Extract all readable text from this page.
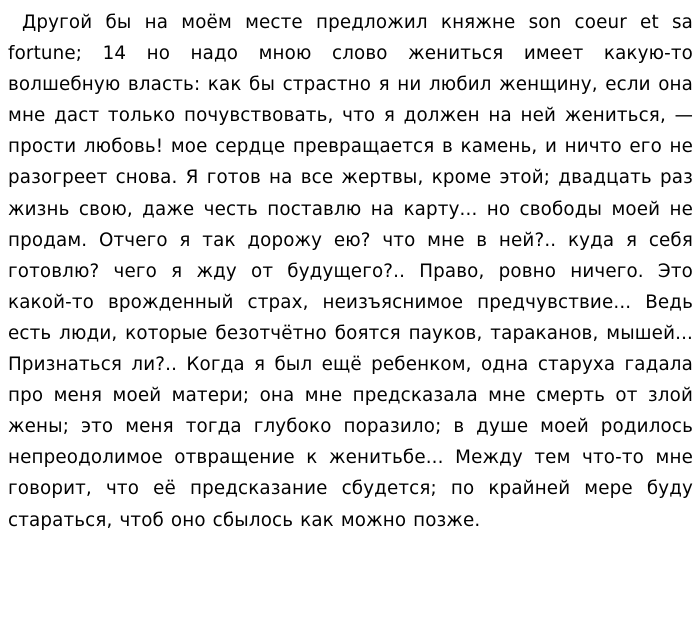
Другой бы на моём месте предложил княжне son coeur et sa fortune; 14 но надо мною слово жениться имеет какую-то волшебную власть: как бы страстно я ни любил женщину, если она мне даст только почувствовать, что я должен на ней жениться, — прости любовь! мое сердце превращается в камень, и ничто его не разогреет снова. Я готов на все жертвы, кроме этой; двадцать раз жизнь свою, даже честь поставлю на карту... но свободы моей не продам. Отчего я так дорожу ею? что мне в ней?.. куда я себя готовлю? чего я жду от будущего?.. Право, ровно ничего. Это какой-то врожденный страх, неизъяснимое предчувствие... Ведь есть люди, которые безотчётно боятся пауков, тараканов, мышей... Признаться ли?.. Когда я был ещё ребенком, одна старуха гадала про меня моей матери; она мне предсказала мне смерть от злой жены; это меня тогда глубоко поразило; в душе моей родилось непреодолимое отвращение к женитьбе... Между тем что-то мне говорит, что её предсказание сбудется; по крайней мере буду стараться, чтоб оно сбылось как можно позже.
